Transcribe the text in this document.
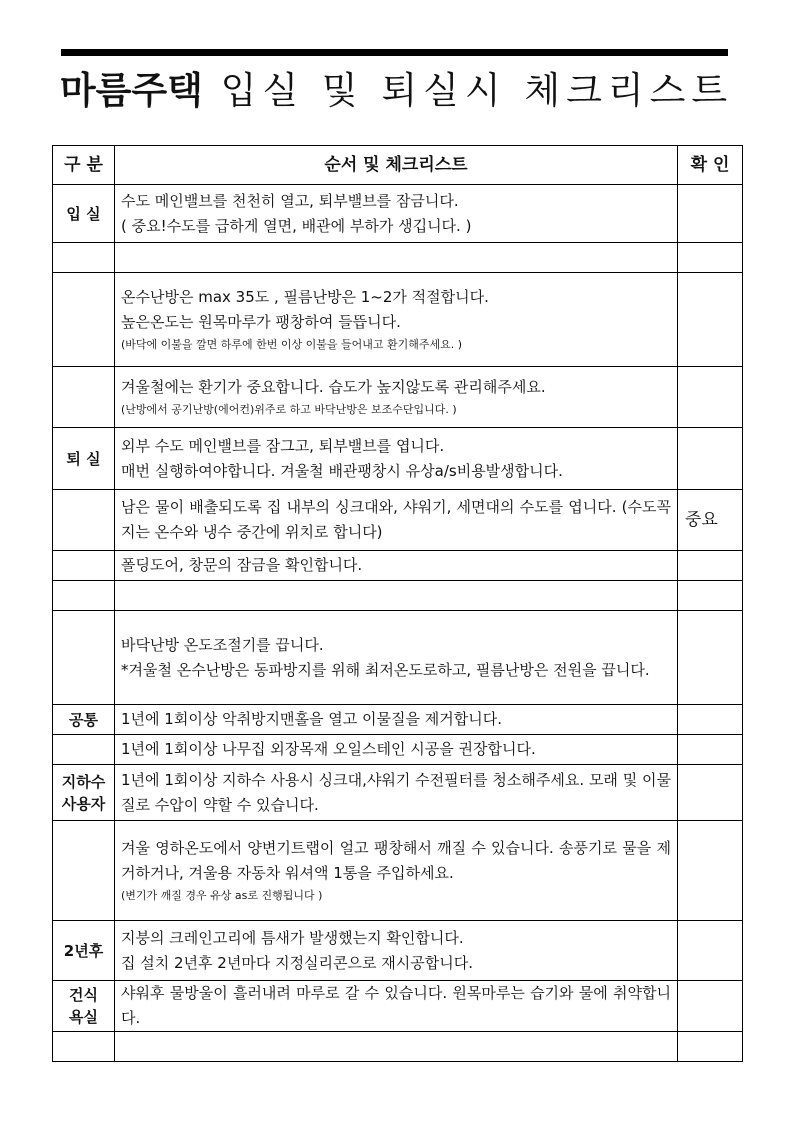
마름주택 입실 및 퇴실시 체크리스트
구 분	순서 및 체크리스트	확 인

입 실	수도 메인밸브를 천천히 열고, 퇴부밸브를 잠금니다.
( 중요!수도를 급하게 열면, 배관에 부하가 생깁니다. )	

	온수난방은 max 35도 , 필름난방은 1~2가 적절합니다.
높은온도는 원목마루가 팽창하여 들뜹니다.
(바닥에 이불을 깔면 하루에 한번 이상 이불을 들어내고 환기해주세요. )	

	겨울철에는 환기가 중요합니다. 습도가 높지않도록 관리해주세요.
(난방에서 공기난방(에어컨)위주로 하고 바닥난방은 보조수단입니다. )	

퇴 실	외부 수도 메인밸브를 잠그고, 퇴부밸브를 엽니다.
매번 실행하여야합니다. 겨울철 배관팽창시 유상a/s비용발생합니다.	

	남은 물이 배출되도록 집 내부의 싱크대와, 샤워기, 세면대의 수도를 엽니다. (수도꼭지는 온수와 냉수 중간에 위치로 합니다)	중요

	폴딩도어, 창문의 잠금을 확인합니다.	

	바닥난방 온도조절기를 끕니다.
*겨울철 온수난방은 동파방지를 위해 최저온도로하고, 필름난방은 전원을 끕니다.	

공통	1년에 1회이상 악취방지맨홀을 열고 이물질을 제거합니다.	

	1년에 1회이상 나무집 외장목재 오일스테인 시공을 권장합니다.	

지하수
사용자	1년에 1회이상 지하수 사용시 싱크대,샤워기 수전필터를 청소해주세요. 모래 및 이물질로 수압이 약할 수 있습니다.	

	겨울 영하온도에서 양변기트랩이 얼고 팽창해서 깨질 수 있습니다. 송풍기로 물을 제거하거나, 겨울용 자동차 워셔액 1통을 주입하세요.
(변기가 깨질 경우 유상 as로 진행됩니다 )	

2년후	지붕의 크레인고리에 틈새가 발생했는지 확인합니다.
집 설치 2년후 2년마다 지정실리콘으로 재시공합니다.	

건식
욕실	샤워후 물방울이 흘러내려 마루로 갈 수 있습니다. 원목마루는 습기와 물에 취약합니다.	
